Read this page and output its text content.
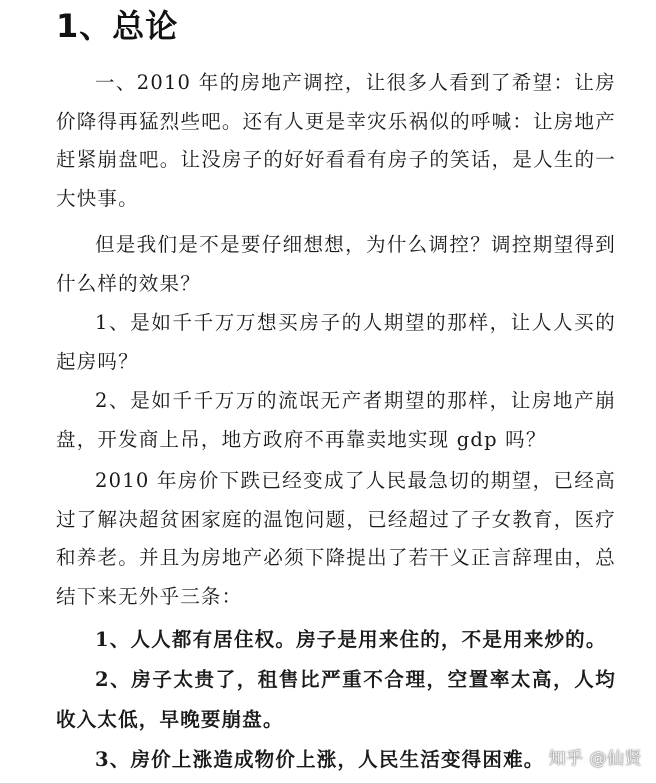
1、总论
一、2010 年的房地产调控，让很多人看到了希望：让房价降得再猛烈些吧。还有人更是幸灾乐祸似的呼喊：让房地产赶紧崩盘吧。让没房子的好好看看有房子的笑话，是人生的一大快事。
但是我们是不是要仔细想想，为什么调控？调控期望得到什么样的效果？
1、是如千千万万想买房子的人期望的那样，让人人买的起房吗？
2、是如千千万万的流氓无产者期望的那样，让房地产崩盘，开发商上吊，地方政府不再靠卖地实现 gdp 吗？
2010 年房价下跌已经变成了人民最急切的期望，已经高过了解决超贫困家庭的温饱问题，已经超过了子女教育，医疗和养老。并且为房地产必须下降提出了若干义正言辞理由，总结下来无外乎三条：
1、人人都有居住权。房子是用来住的，不是用来炒的。
2、房子太贵了，租售比严重不合理，空置率太高，人均收入太低，早晚要崩盘。
3、房价上涨造成物价上涨，人民生活变得困难。 知乎 @仙贤
